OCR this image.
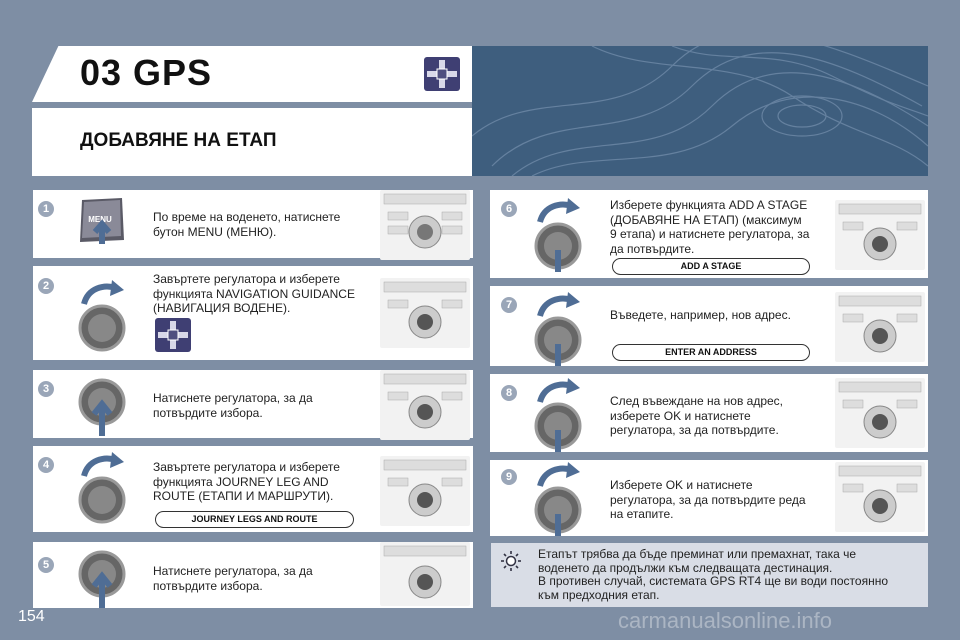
03 GPS
ДОБАВЯНЕ НА ЕТАП
1
MENU	По време на воденето, натиснете
бутон MENU (МЕНЮ).
2	Завъртете регулатора и изберете
функцията NAVIGATION GUIDANCE
(НАВИГАЦИЯ ВОДЕНЕ).
3
Натиснете регулатора, за да
потвърдите избора.
4	Завъртете регулатора и изберете
функцията JOURNEY LEG AND
ROUTE (ЕТАПИ И МАРШРУТИ).
JOURNEY LEGS AND ROUTE
5	Натиснете регулатора, за да
потвърдите избора.
6	Изберете функцията ADD A STAGE
(ДОБАВЯНЕ НА ЕТАП) (максимум
9 етапа) и натиснете регулатора, за
да потвърдите.
ADD A STAGE
7
Въведете, например, нов адрес.
ENTER AN ADDRESS
8
След въвеждане на нов адрес,
изберете OK и натиснете
регулатора, за да потвърдите.
9
Изберете OK и натиснете
регулатора, за да потвърдите реда
на етапите.
Етапът трябва да бъде преминат или премахнат, така че
воденето да продължи към следващата дестинация.
В противен случай, системата GPS RT4 ще ви води постоянно
към предходния етап.
154	carmanualsonline.info
